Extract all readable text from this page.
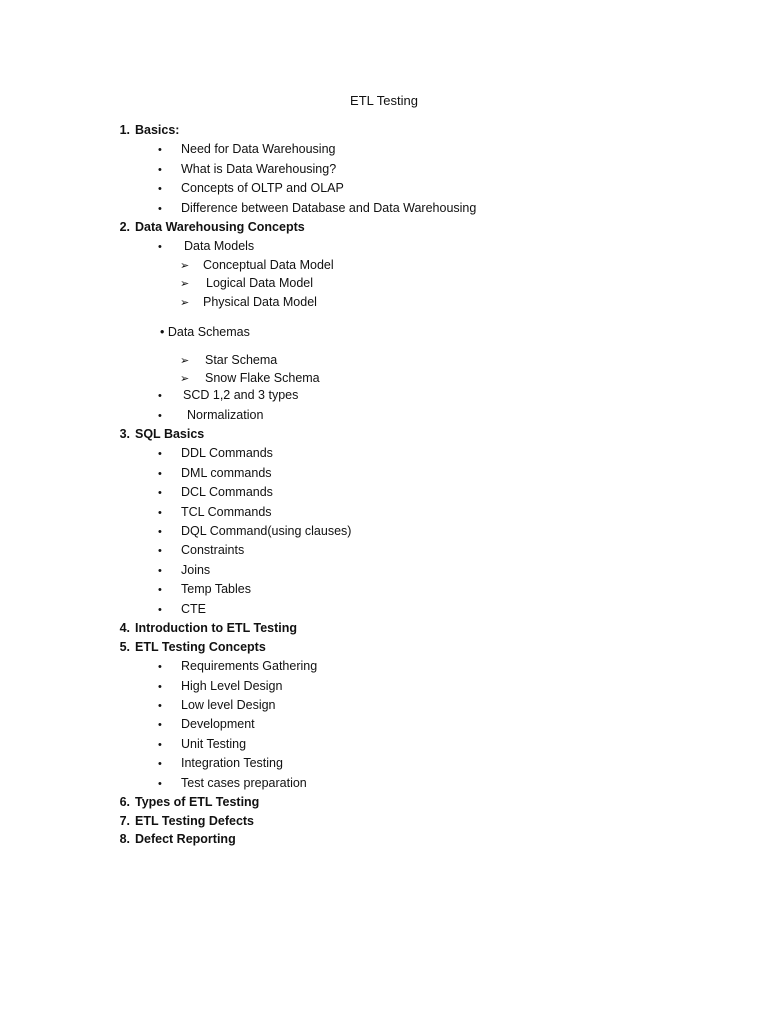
ETL Testing
1. Basics:
• Need for Data Warehousing
• What is Data Warehousing?
• Concepts of OLTP and OLAP
• Difference between Database and Data Warehousing
2. Data Warehousing Concepts
• Data Models
➢ Conceptual Data Model
➢ Logical Data Model
➢ Physical Data Model
• Data Schemas
➢ Star Schema
➢ Snow Flake Schema
• SCD 1,2 and 3 types
• Normalization
3. SQL Basics
• DDL Commands
• DML commands
• DCL Commands
• TCL Commands
• DQL Command(using clauses)
• Constraints
• Joins
• Temp Tables
• CTE
4. Introduction to ETL Testing
5. ETL Testing Concepts
• Requirements Gathering
• High Level Design
• Low level Design
• Development
• Unit Testing
• Integration Testing
• Test cases preparation
6. Types of ETL Testing
7. ETL Testing Defects
8. Defect Reporting
